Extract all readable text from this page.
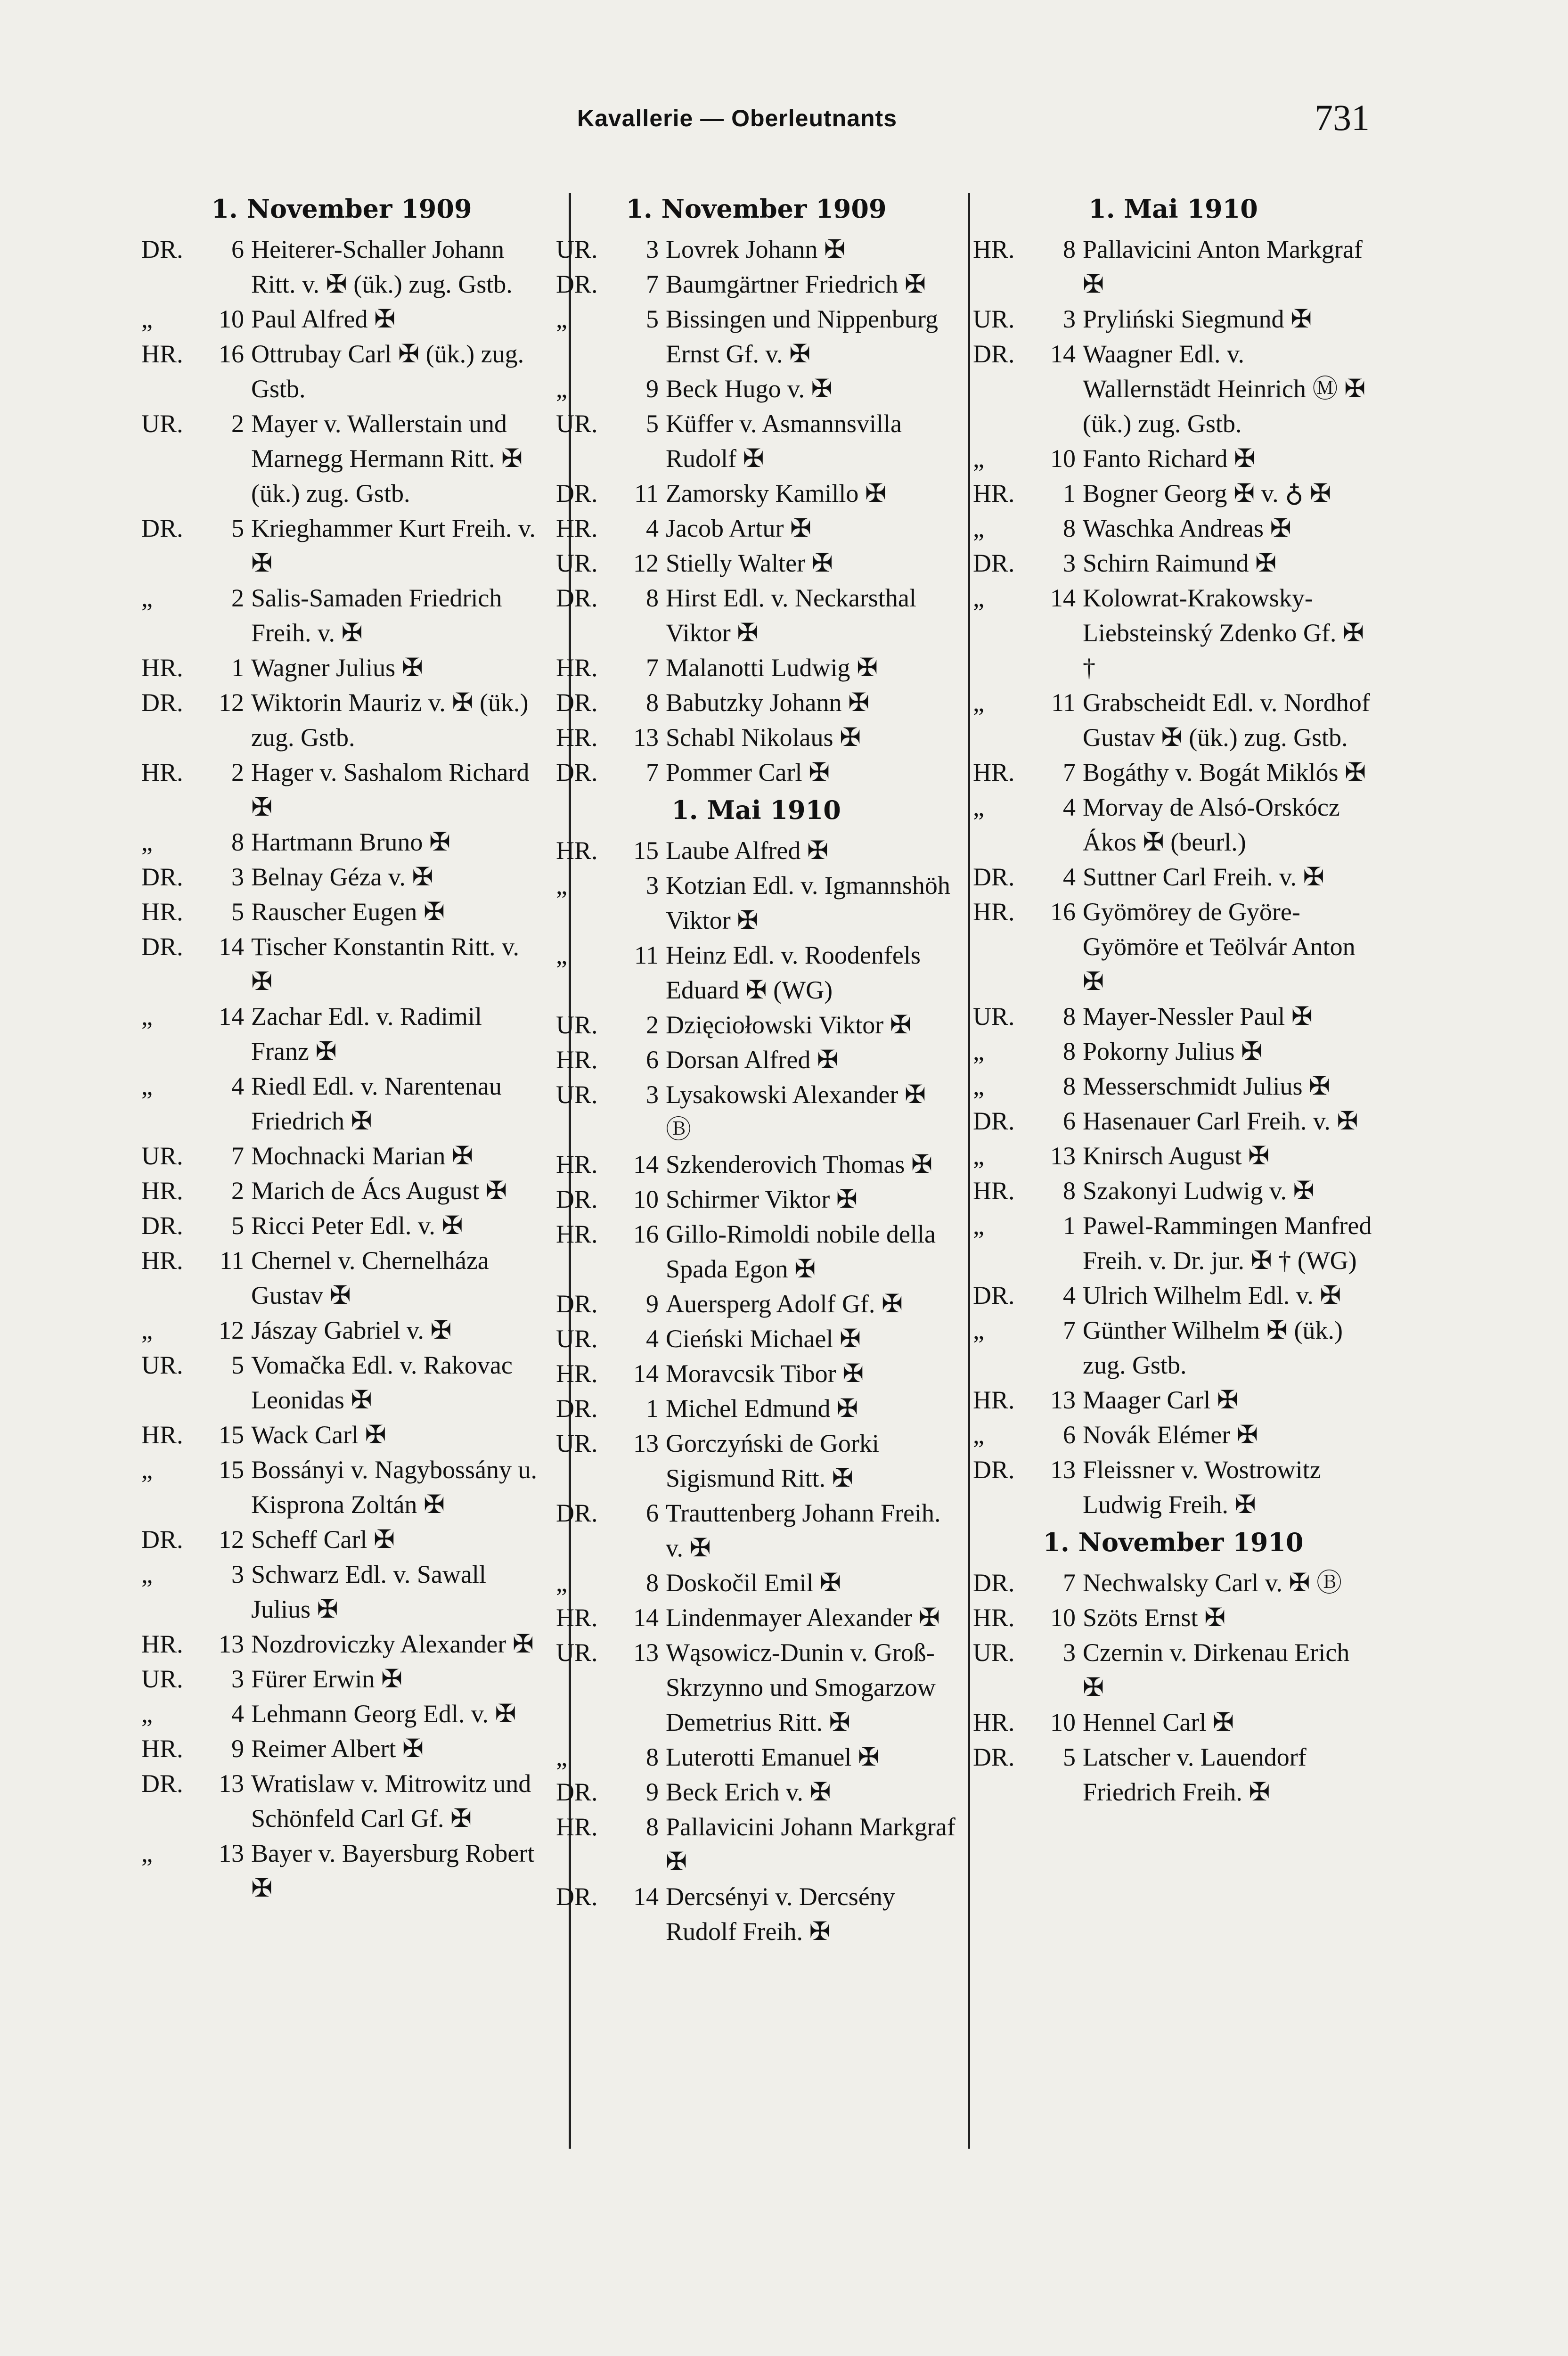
Kavallerie — Oberleutnants	731
1. November 1909
DR.	6 Heiterer-Schaller Johann Ritt. v. ✠ (ük.) zug. Gstb.
„	10 Paul Alfred ✠
HR.	16 Ottrubay Carl ✠ (ük.) zug. Gstb.
UR.	2 Mayer v. Wallerstain und Marnegg Hermann Ritt. ✠ (ük.) zug. Gstb.
DR.	5 Krieghammer Kurt Freih. v. ✠
„	2 Salis-Samaden Friedrich Freih. v. ✠
HR.	1 Wagner Julius ✠
DR.	12 Wiktorin Mauriz v. ✠ (ük.) zug. Gstb.
HR.	2 Hager v. Sashalom Richard ✠
„	8 Hartmann Bruno ✠
DR.	3 Belnay Géza v. ✠
HR.	5 Rauscher Eugen ✠
DR.	14 Tischer Konstantin Ritt. v. ✠
„	14 Zachar Edl. v. Radimil Franz ✠
„	4 Riedl Edl. v. Narentenau Friedrich ✠
UR.	7 Mochnacki Marian ✠
HR.	2 Marich de Ács August ✠
DR.	5 Ricci Peter Edl. v. ✠
HR.	11 Chernel v. Chernelháza Gustav ✠
„	12 Jászay Gabriel v. ✠
UR.	5 Vomačka Edl. v. Rakovac Leonidas ✠
HR.	15 Wack Carl ✠
„	15 Bossányi v. Nagybossány u. Kisprona Zoltán ✠
DR.	12 Scheff Carl ✠
„	3 Schwarz Edl. v. Sawall Julius ✠
HR.	13 Nozdroviczky Alexander ✠
UR.	3 Fürer Erwin ✠
„	4 Lehmann Georg Edl. v. ✠
HR.	9 Reimer Albert ✠
DR.	13 Wratislaw v. Mitrowitz und Schönfeld Carl Gf. ✠
„	13 Bayer v. Bayersburg Robert ✠
1. November 1909
UR.	3 Lovrek Johann ✠
DR.	7 Baumgärtner Friedrich ✠
„	5 Bissingen und Nippenburg Ernst Gf. v. ✠
„	9 Beck Hugo v. ✠
UR.	5 Küffer v. Asmannsvilla Rudolf ✠
DR.	11 Zamorsky Kamillo ✠
HR.	4 Jacob Artur ✠
UR.	12 Stielly Walter ✠
DR.	8 Hirst Edl. v. Neckarsthal Viktor ✠
HR.	7 Malanotti Ludwig ✠
DR.	8 Babutzky Johann ✠
HR.	13 Schabl Nikolaus ✠
DR.	7 Pommer Carl ✠
1. Mai 1910
HR.	15 Laube Alfred ✠
„	3 Kotzian Edl. v. Igmannshöh Viktor ✠
„	11 Heinz Edl. v. Roodenfels Eduard ✠ (WG)
UR.	2 Dzięciołowski Viktor ✠
HR.	6 Dorsan Alfred ✠
UR.	3 Lysakowski Alexander ✠ Ⓑ
HR.	14 Szkenderovich Thomas ✠
DR.	10 Schirmer Viktor ✠
HR.	16 Gillo-Rimoldi nobile della Spada Egon ✠
DR.	9 Auersperg Adolf Gf. ✠
UR.	4 Cieński Michael ✠
HR.	14 Moravcsik Tibor ✠
DR.	1 Michel Edmund ✠
UR.	13 Gorczyński de Gorki Sigismund Ritt. ✠
DR.	6 Trauttenberg Johann Freih. v. ✠
„	8 Doskočil Emil ✠
HR.	14 Lindenmayer Alexander ✠
UR.	13 Wąsowicz-Dunin v. Groß-Skrzynno und Smogarzow Demetrius Ritt. ✠
„	8 Luterotti Emanuel ✠
DR.	9 Beck Erich v. ✠
HR.	8 Pallavicini Johann Markgraf ✠
DR.	14 Dercsényi v. Dercsény Rudolf Freih. ✠
1. Mai 1910
HR.	8 Pallavicini Anton Markgraf ✠
UR.	3 Pryliński Siegmund ✠
DR.	14 Waagner Edl. v. Wallernstädt Heinrich Ⓜ ✠ (ük.) zug. Gstb.
„	10 Fanto Richard ✠
HR.	1 Bogner Georg ✠ v. ♁ ✠
„	8 Waschka Andreas ✠
DR.	3 Schirn Raimund ✠
„	14 Kolowrat-Krakowsky-Liebsteinský Zdenko Gf. ✠ †
„	11 Grabscheidt Edl. v. Nordhof Gustav ✠ (ük.) zug. Gstb.
HR.	7 Bogáthy v. Bogát Miklós ✠
„	4 Morvay de Alsó-Orskócz Ákos ✠ (beurl.)
DR.	4 Suttner Carl Freih. v. ✠
HR.	16 Gyömörey de Györe-Gyömöre et Teölvár Anton ✠
UR.	8 Mayer-Nessler Paul ✠
„	8 Pokorny Julius ✠
„	8 Messerschmidt Julius ✠
DR.	6 Hasenauer Carl Freih. v. ✠
„	13 Knirsch August ✠
HR.	8 Szakonyi Ludwig v. ✠
„	1 Pawel-Rammingen Manfred Freih. v. Dr. jur. ✠ † (WG)
DR.	4 Ulrich Wilhelm Edl. v. ✠
„	7 Günther Wilhelm ✠ (ük.) zug. Gstb.
HR.	13 Maager Carl ✠
„	6 Novák Elémer ✠
DR.	13 Fleissner v. Wostrowitz Ludwig Freih. ✠
1. November 1910
DR.	7 Nechwalsky Carl v. ✠ Ⓑ
HR.	10 Szöts Ernst ✠
UR.	3 Czernin v. Dirkenau Erich ✠
HR.	10 Hennel Carl ✠
DR.	5 Latscher v. Lauendorf Friedrich Freih. ✠
